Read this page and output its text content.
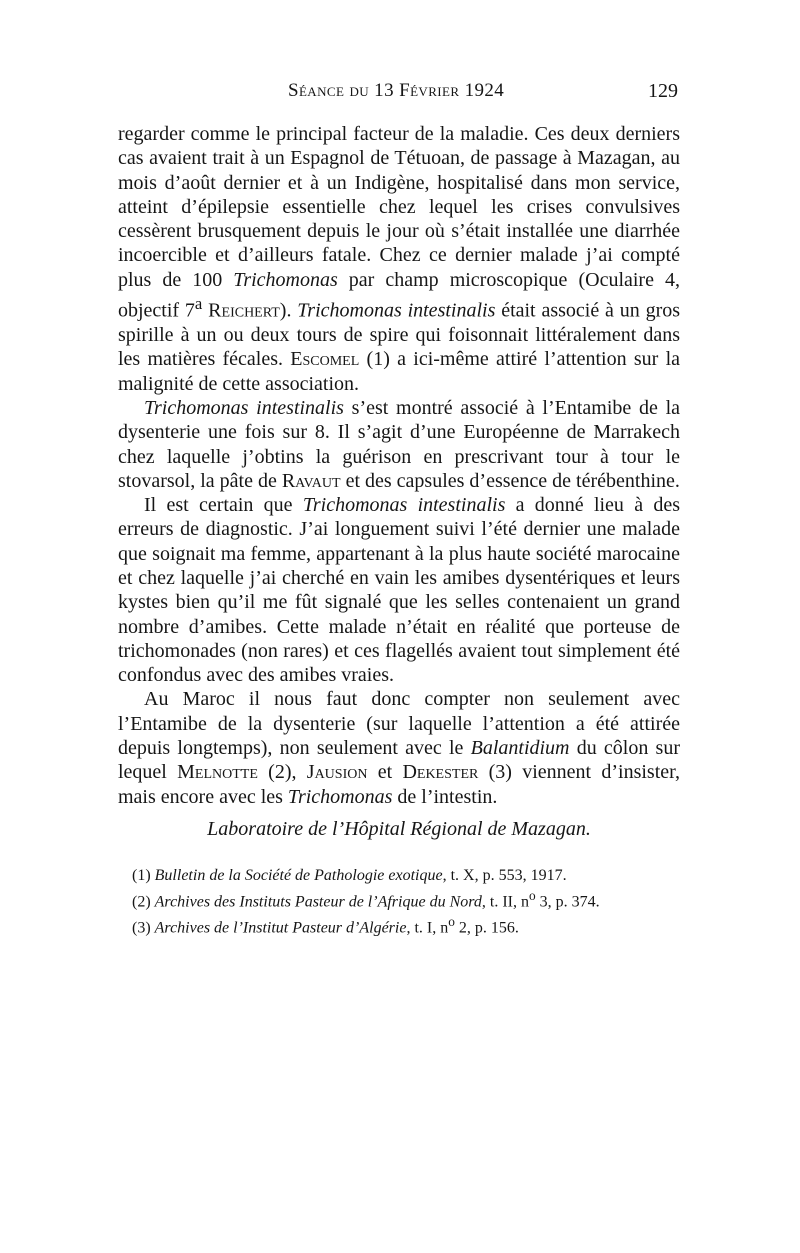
Séance du 13 Février 1924	129

regarder comme le principal facteur de la maladie. Ces deux derniers cas avaient trait à un Espagnol de Tétuoan, de passage à Mazagan, au mois d’août dernier et à un Indigène, hospitalisé dans mon service, atteint d’épilepsie essentielle chez lequel les crises convulsives cessèrent brusquement depuis le jour où s’était installée une diarrhée incoercible et d’ailleurs fatale. Chez ce dernier malade j’ai compté plus de 100 Trichomonas par champ microscopique (Oculaire 4, objectif 7$^a$ Reichert). Trichomonas intestinalis était associé à un gros spirille à un ou deux tours de spire qui foisonnait littéralement dans les matières fécales. Escomel (1) a ici-même attiré l’attention sur la malignité de cette association.

Trichomonas intestinalis s’est montré associé à l’Entamibe de la dysenterie une fois sur 8. Il s’agit d’une Européenne de Marrakech chez laquelle j’obtins la guérison en prescrivant tour à tour le stovarsol, la pâte de Ravaut et des capsules d’essence de térébenthine.

Il est certain que Trichomonas intestinalis a donné lieu à des erreurs de diagnostic. J’ai longuement suivi l’été dernier une malade que soignait ma femme, appartenant à la plus haute société marocaine et chez laquelle j’ai cherché en vain les amibes dysentériques et leurs kystes bien qu’il me fût signalé que les selles contenaient un grand nombre d’amibes. Cette malade n’était en réalité que porteuse de trichomonades (non rares) et ces flagellés avaient tout simplement été confondus avec des amibes vraies.

Au Maroc il nous faut donc compter non seulement avec l’Entamibe de la dysenterie (sur laquelle l’attention a été attirée depuis longtemps), non seulement avec le Balantidium du côlon sur lequel Melnotte (2), Jausion et Dekester (3) viennent d’insister, mais encore avec les Trichomonas de l’intestin.

Laboratoire de l’Hôpital Régional de Mazagan.
(1) Bulletin de la Société de Pathologie exotique, t. X, p. 553, 1917.
(2) Archives des Instituts Pasteur de l’Afrique du Nord, t. II, $n^o$ 3, p. 374.
(3) Archives de l’Institut Pasteur d’Algérie, t. I, $n^o$ 2, p. 156.
